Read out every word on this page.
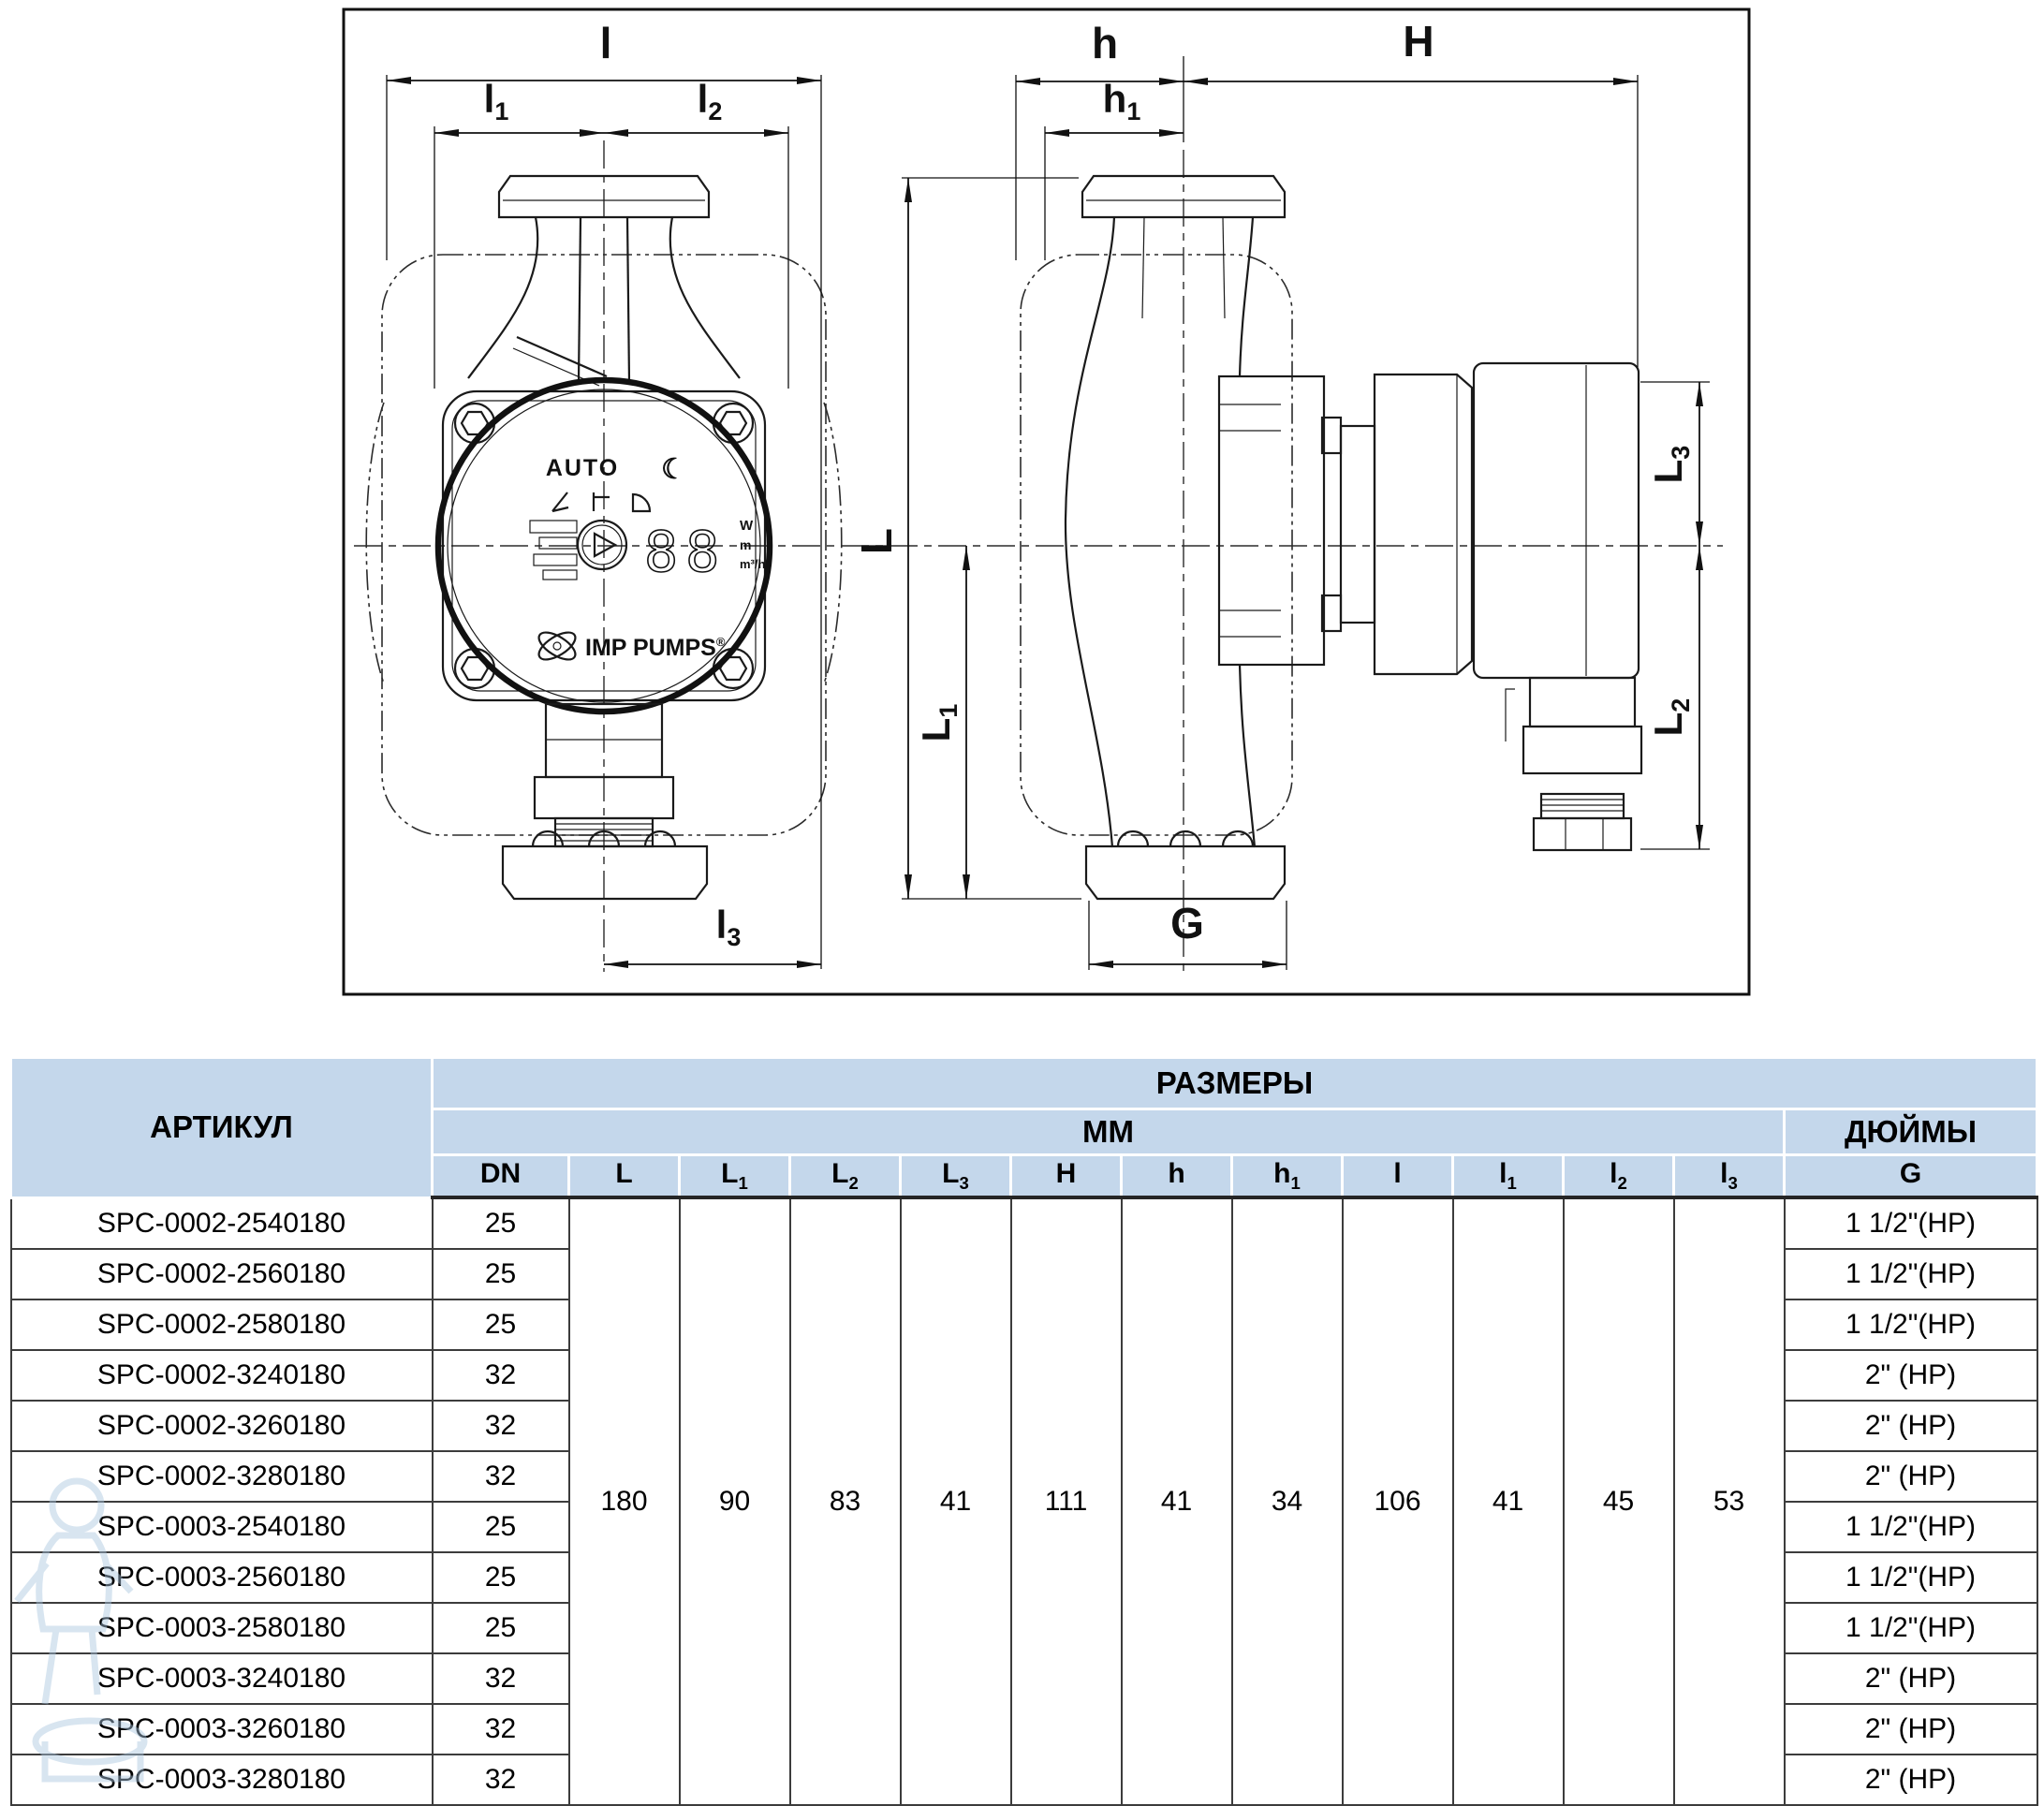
AUTO ☾
88 W
m
m³/h
IMP PUMPS®
l
l1	l2
l3
h	H
h1
L
L1
L3
L2
G
АРТИКУЛ	РАЗМЕРЫ												
	ММ												ДЮЙМЫ
	DN	L	$L_1$	$L_2$	$L_3$	H	h	$h_1$	l	$l_1$	$l_2$	$l_3$	G
SPC-0002-2540180	25	180	90	83	41	111	41	34	106	41	45	53	1 1/2"(НР)
SPC-0002-2560180	25												1 1/2"(НР)
SPC-0002-2580180	25												1 1/2"(НР)
SPC-0002-3240180	32												2" (НР)
SPC-0002-3260180	32												2" (НР)
SPC-0002-3280180	32												2" (НР)
SPC-0003-2540180	25												1 1/2"(НР)
SPC-0003-2560180	25												1 1/2"(НР)
SPC-0003-2580180	25												1 1/2"(НР)
SPC-0003-3240180	32												2" (НР)
SPC-0003-3260180	32												2" (НР)
SPC-0003-3280180	32												2" (НР)
